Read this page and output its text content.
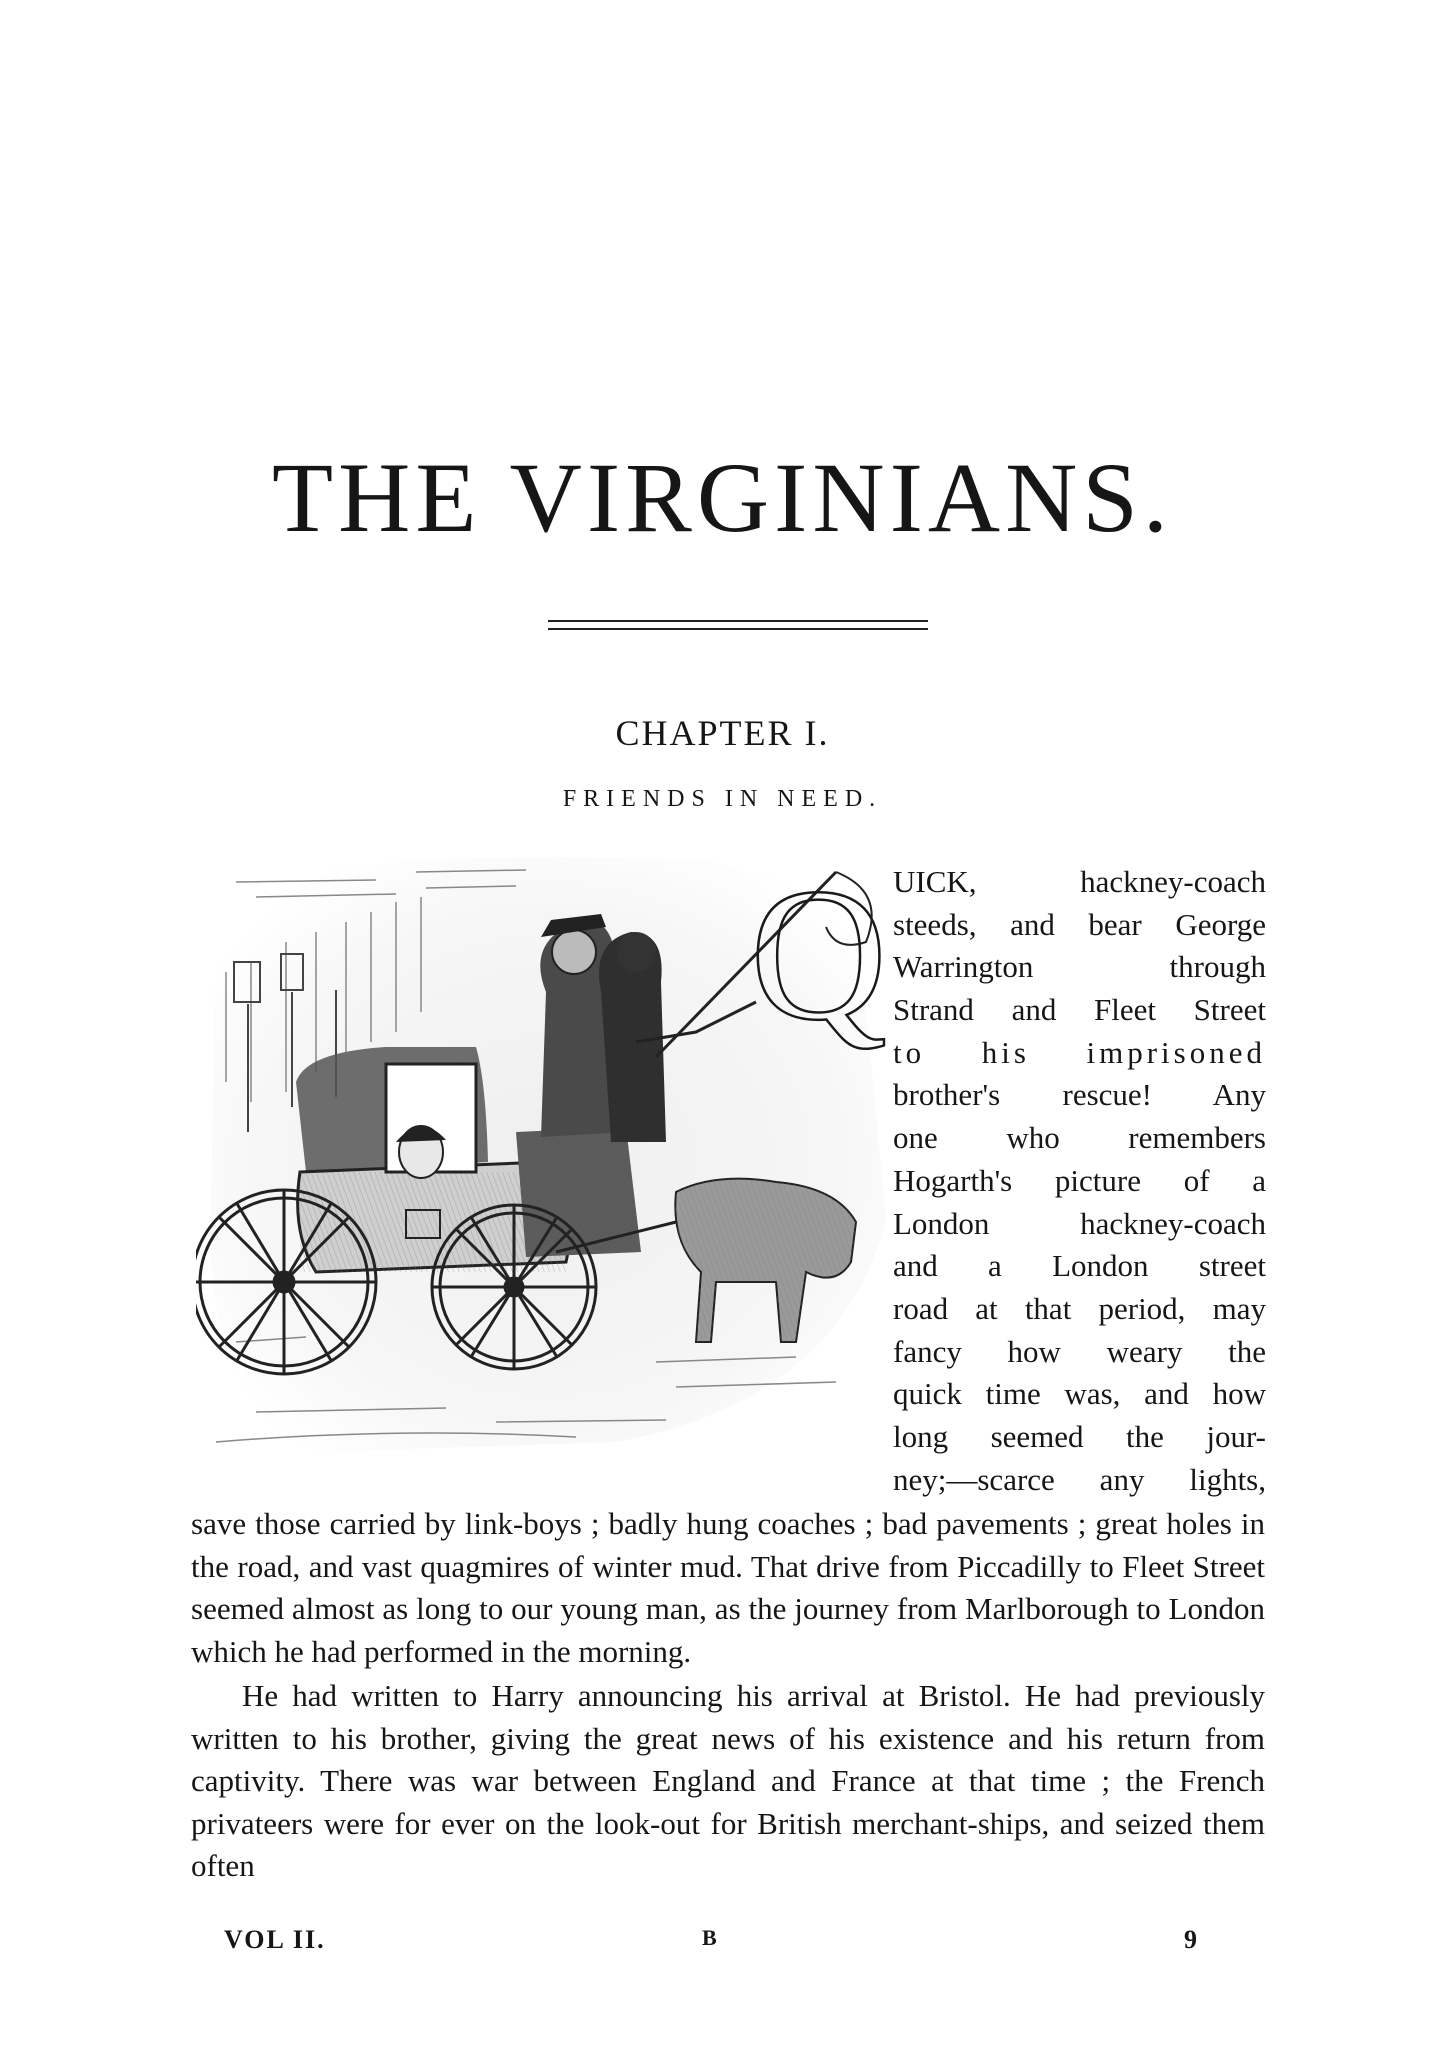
THE VIRGINIANS.
CHAPTER I.
FRIENDS IN NEED.
Q UICK, hackney-coach
steeds, and bear George
Warrington through
Strand and Fleet Street
to his imprisoned
brother's rescue! Any
one who remembers
Hogarth's picture of a
London hackney-coach
and a London street
road at that period, may
fancy how weary the
quick time was, and how
long seemed the jour-
ney;—scarce any lights,

save those carried by link-boys ; badly hung coaches ; bad pavements ; great holes in the road, and vast quagmires of winter mud. That drive from Piccadilly to Fleet Street seemed almost as long to our young man, as the journey from Marlborough to London which he had performed in the morning.

He had written to Harry announcing his arrival at Bristol. He had previously written to his brother, giving the great news of his existence and his return from captivity. There was war between England and France at that time ; the French privateers were for ever on the look-out for British merchant-ships, and seized them often

VOL II.	B	9
